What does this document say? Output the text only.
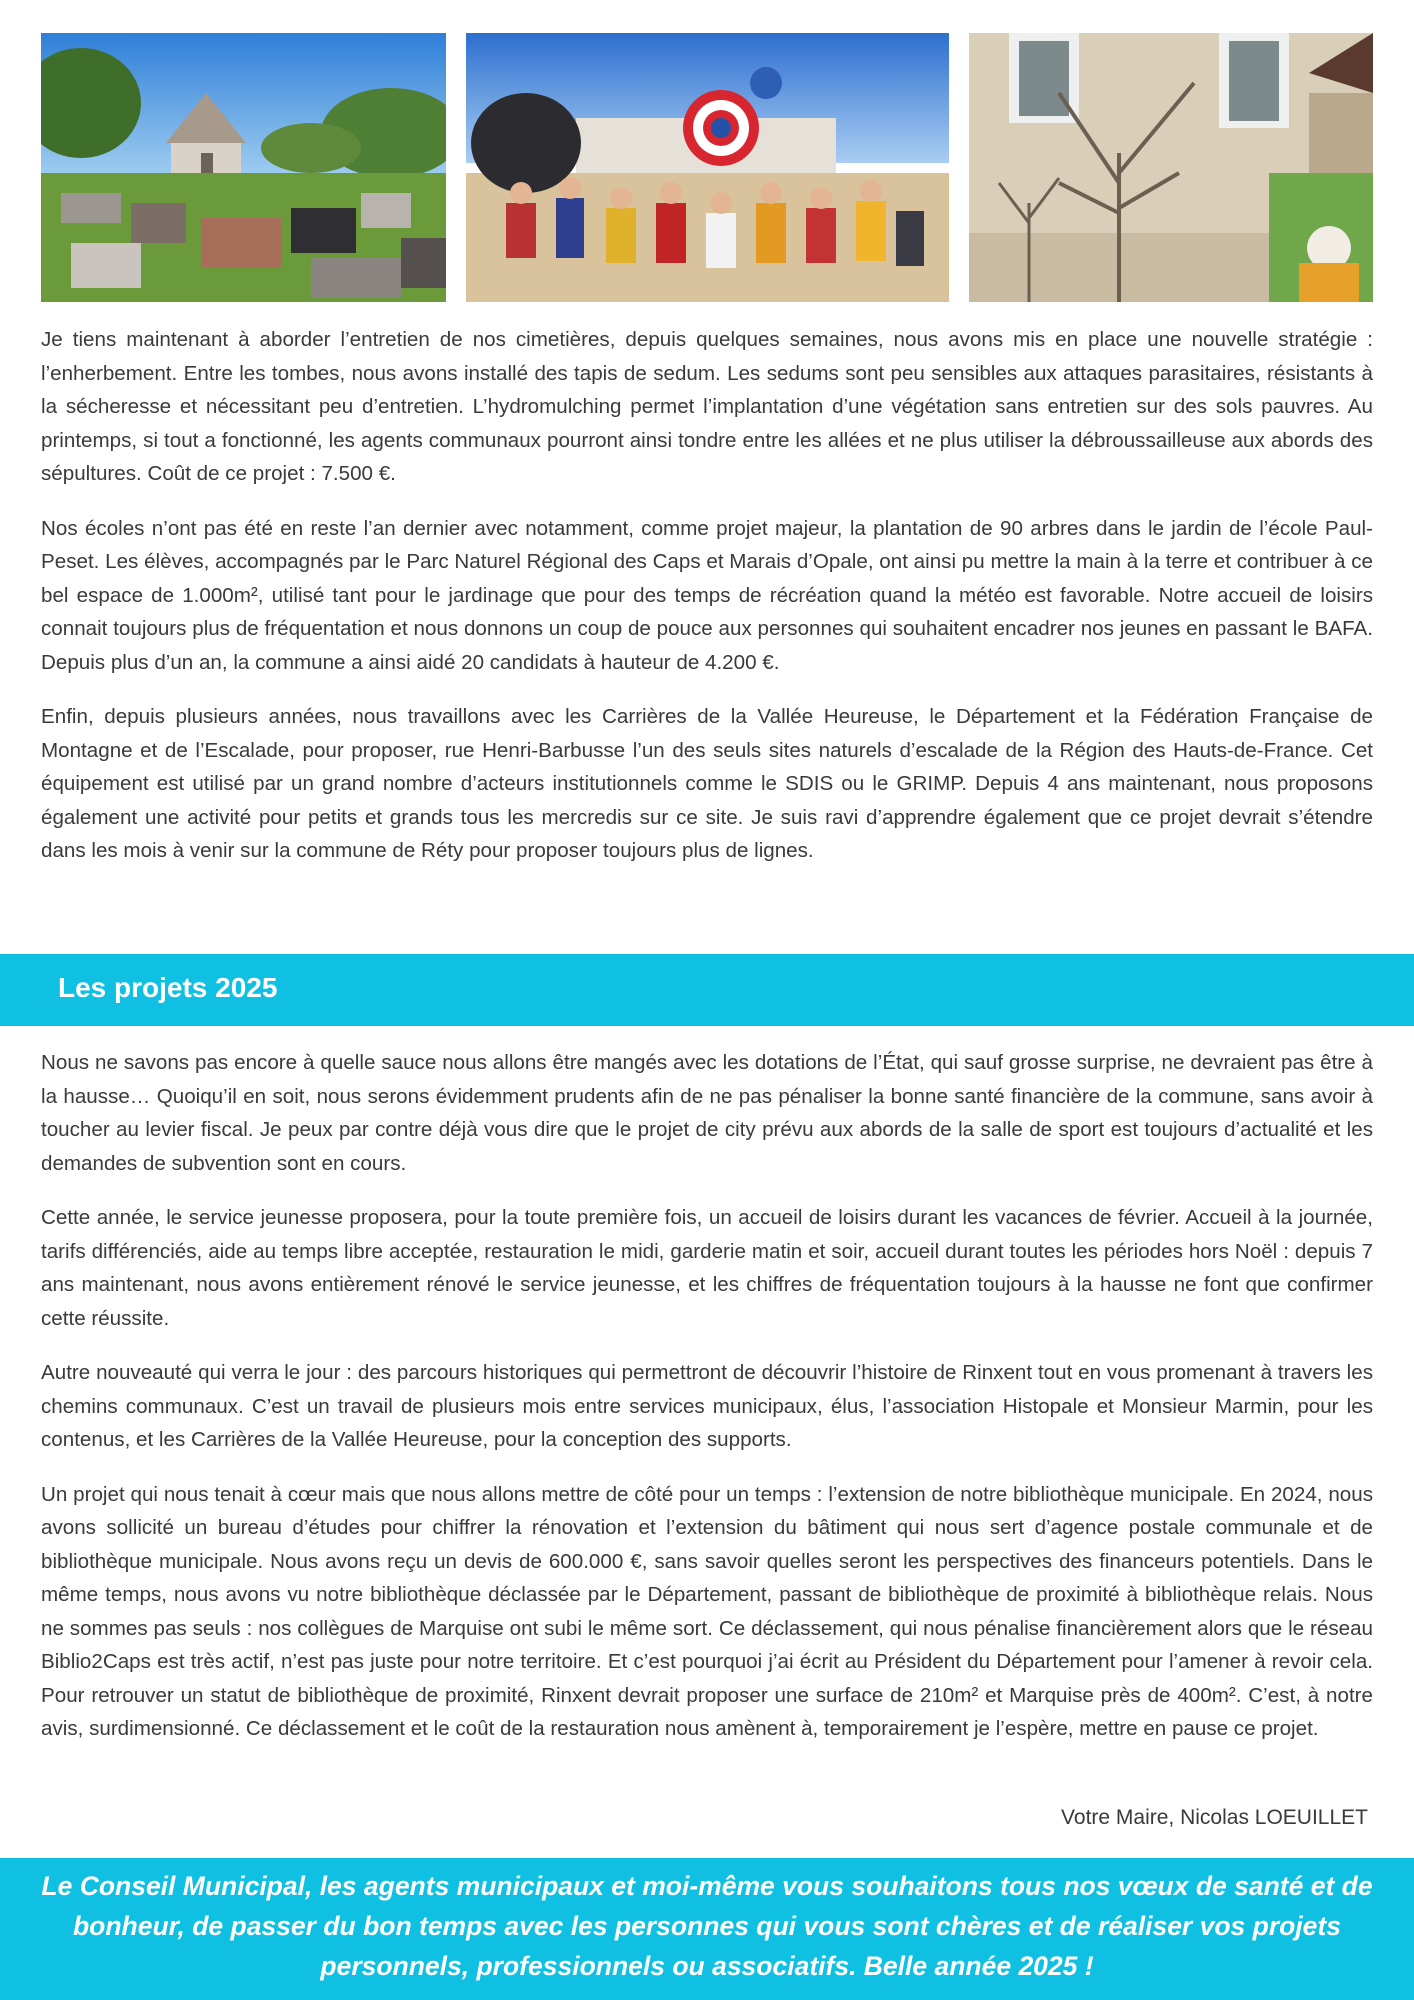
Je tiens maintenant à aborder l’entretien de nos cimetières, depuis quelques semaines, nous avons mis en place une nouvelle stratégie : l’enherbement. Entre les tombes, nous avons installé des tapis de sedum. Les sedums sont peu sensibles aux attaques parasitaires, résistants à la sécheresse et nécessitant peu d’entretien. L’hydromulching permet l’implantation d’une végétation sans entretien sur des sols pauvres. Au printemps, si tout a fonctionné, les agents communaux pourront ainsi tondre entre les allées et ne plus utiliser la débroussailleuse aux abords des sépultures. Coût de ce projet : 7.500 €.

Nos écoles n’ont pas été en reste l’an dernier avec notamment, comme projet majeur, la plantation de 90 arbres dans le jardin de l’école Paul-Peset. Les élèves, accompagnés par le Parc Naturel Régional des Caps et Marais d’Opale, ont ainsi pu mettre la main à la terre et contribuer à ce bel espace de 1.000m², utilisé tant pour le jardinage que pour des temps de récréation quand la météo est favorable. Notre accueil de loisirs connait toujours plus de fréquentation et nous donnons un coup de pouce aux personnes qui souhaitent encadrer nos jeunes en passant le BAFA. Depuis plus d’un an, la commune a ainsi aidé 20 candidats à hauteur de 4.200 €.

Enfin, depuis plusieurs années, nous travaillons avec les Carrières de la Vallée Heureuse, le Département et la Fédération Française de Montagne et de l’Escalade, pour proposer, rue Henri-Barbusse l’un des seuls sites naturels d’escalade de la Région des Hauts-de-France. Cet équipement est utilisé par un grand nombre d’acteurs institutionnels comme le SDIS ou le GRIMP. Depuis 4 ans maintenant, nous proposons également une activité pour petits et grands tous les mercredis sur ce site. Je suis ravi d’apprendre également que ce projet devrait s’étendre dans les mois à venir sur la commune de Réty pour proposer toujours plus de lignes.

Les projets 2025

Nous ne savons pas encore à quelle sauce nous allons être mangés avec les dotations de l’État, qui sauf grosse surprise, ne devraient pas être à la hausse… Quoiqu’il en soit, nous serons évidemment prudents afin de ne pas pénaliser la bonne santé financière de la commune, sans avoir à toucher au levier fiscal. Je peux par contre déjà vous dire que le projet de city prévu aux abords de la salle de sport est toujours d’actualité et les demandes de subvention sont en cours.

Cette année, le service jeunesse proposera, pour la toute première fois, un accueil de loisirs durant les vacances de février. Accueil à la journée, tarifs différenciés, aide au temps libre acceptée, restauration le midi, garderie matin et soir, accueil durant toutes les périodes hors Noël : depuis 7 ans maintenant, nous avons entièrement rénové le service jeunesse, et les chiffres de fréquentation toujours à la hausse ne font que confirmer cette réussite.

Autre nouveauté qui verra le jour : des parcours historiques qui permettront de découvrir l’histoire de Rinxent tout en vous promenant à travers les chemins communaux. C’est un travail de plusieurs mois entre services municipaux, élus, l’association Histopale et Monsieur Marmin, pour les contenus, et les Carrières de la Vallée Heureuse, pour la conception des supports.

Un projet qui nous tenait à cœur mais que nous allons mettre de côté pour un temps : l’extension de notre bibliothèque municipale. En 2024, nous avons sollicité un bureau d’études pour chiffrer la rénovation et l’extension du bâtiment qui nous sert d’agence postale communale et de bibliothèque municipale. Nous avons reçu un devis de 600.000 €, sans savoir quelles seront les perspectives des financeurs potentiels. Dans le même temps, nous avons vu notre bibliothèque déclassée par le Département, passant de bibliothèque de proximité à bibliothèque relais. Nous ne sommes pas seuls : nos collègues de Marquise ont subi le même sort. Ce déclassement, qui nous pénalise financièrement alors que le réseau Biblio2Caps est très actif, n’est pas juste pour notre territoire. Et c’est pourquoi j’ai écrit au Président du Département pour l’amener à revoir cela. Pour retrouver un statut de bibliothèque de proximité, Rinxent devrait proposer une surface de 210m² et Marquise près de 400m². C’est, à notre avis, surdimensionné. Ce déclassement et le coût de la restauration nous amènent à, temporairement je l’espère, mettre en pause ce projet.

Votre Maire, Nicolas LOEUILLET

Le Conseil Municipal, les agents municipaux et moi-même vous souhaitons tous nos vœux de santé et de bonheur, de passer du bon temps avec les personnes qui vous sont chères et de réaliser vos projets personnels, professionnels ou associatifs. Belle année 2025 !
